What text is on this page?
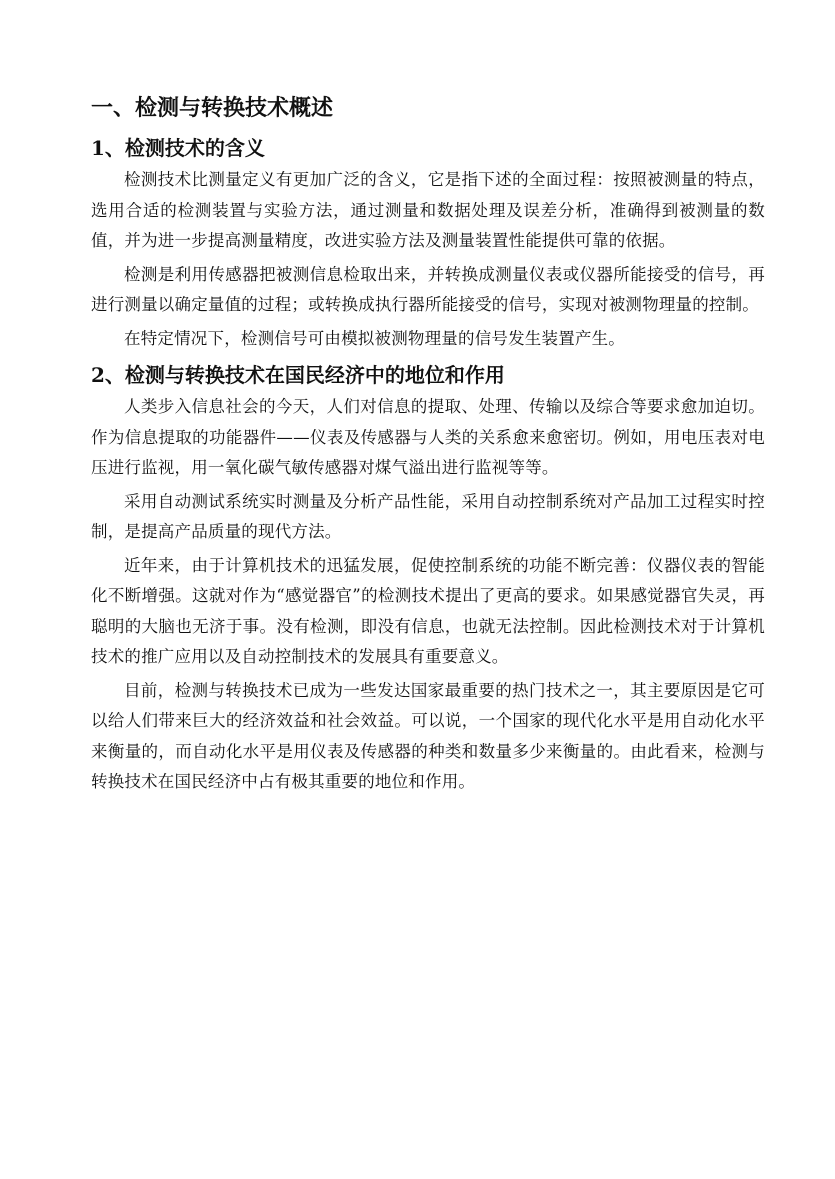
一、检测与转换技术概述
1、检测技术的含义
检测技术比测量定义有更加广泛的含义，它是指下述的全面过程：按照被测量的特点，选用合适的检测装置与实验方法，通过测量和数据处理及误差分析，准确得到被测量的数值，并为进一步提高测量精度，改进实验方法及测量装置性能提供可靠的依据。
检测是利用传感器把被测信息检取出来，并转换成测量仪表或仪器所能接受的信号，再进行测量以确定量值的过程；或转换成执行器所能接受的信号，实现对被测物理量的控制。
在特定情况下，检测信号可由模拟被测物理量的信号发生装置产生。
2、检测与转换技术在国民经济中的地位和作用
人类步入信息社会的今天，人们对信息的提取、处理、传输以及综合等要求愈加迫切。作为信息提取的功能器件——仪表及传感器与人类的关系愈来愈密切。例如，用电压表对电压进行监视，用一氧化碳气敏传感器对煤气溢出进行监视等等。
采用自动测试系统实时测量及分析产品性能，采用自动控制系统对产品加工过程实时控制，是提高产品质量的现代方法。
近年来，由于计算机技术的迅猛发展，促使控制系统的功能不断完善：仪器仪表的智能化不断增强。这就对作为“感觉器官”的检测技术提出了更高的要求。如果感觉器官失灵，再聪明的大脑也无济于事。没有检测，即没有信息，也就无法控制。因此检测技术对于计算机技术的推广应用以及自动控制技术的发展具有重要意义。
目前，检测与转换技术已成为一些发达国家最重要的热门技术之一，其主要原因是它可以给人们带来巨大的经济效益和社会效益。可以说，一个国家的现代化水平是用自动化水平来衡量的，而自动化水平是用仪表及传感器的种类和数量多少来衡量的。由此看来，检测与转换技术在国民经济中占有极其重要的地位和作用。
